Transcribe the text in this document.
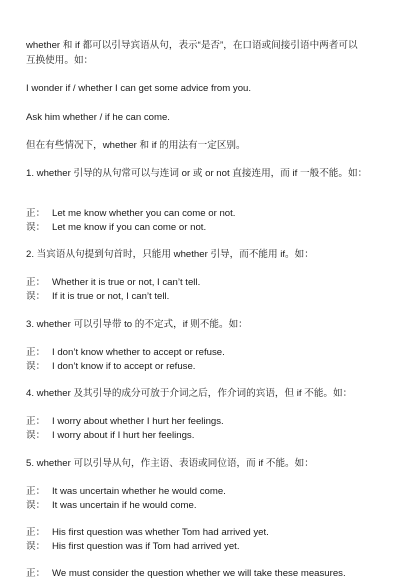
whether 和 if 都可以引导宾语从句，表示“是否”，在口语或间接引语中两者可以
互换使用。如：
I wonder if / whether I can get some advice from you.
Ask him whether / if he can come.
但在有些情况下，whether 和 if 的用法有一定区别。
1. whether 引导的从句常可以与连词 or 或 or not 直接连用，而 if 一般不能。如：
正： Let me know whether you can come or not.
误： Let me know if you can come or not.
2. 当宾语从句提到句首时，只能用 whether 引导，而不能用 if。如：
正： Whether it is true or not, I can’t tell.
误： If it is true or not, I can’t tell.
3. whether 可以引导带 to 的不定式，if 则不能。如：
正： I don’t know whether to accept or refuse.
误： I don’t know if to accept or refuse.
4. whether 及其引导的成分可放于介词之后，作介词的宾语，但 if 不能。如：
正： I worry about whether I hurt her feelings.
误： I worry about if I hurt her feelings.
5. whether 可以引导从句，作主语、表语或同位语，而 if 不能。如：
正： It was uncertain whether he would come.
误： It was uncertain if he would come.
正： His first question was whether Tom had arrived yet.
误： His first question was if Tom had arrived yet.
正： We must consider the question whether we will take these measures.
